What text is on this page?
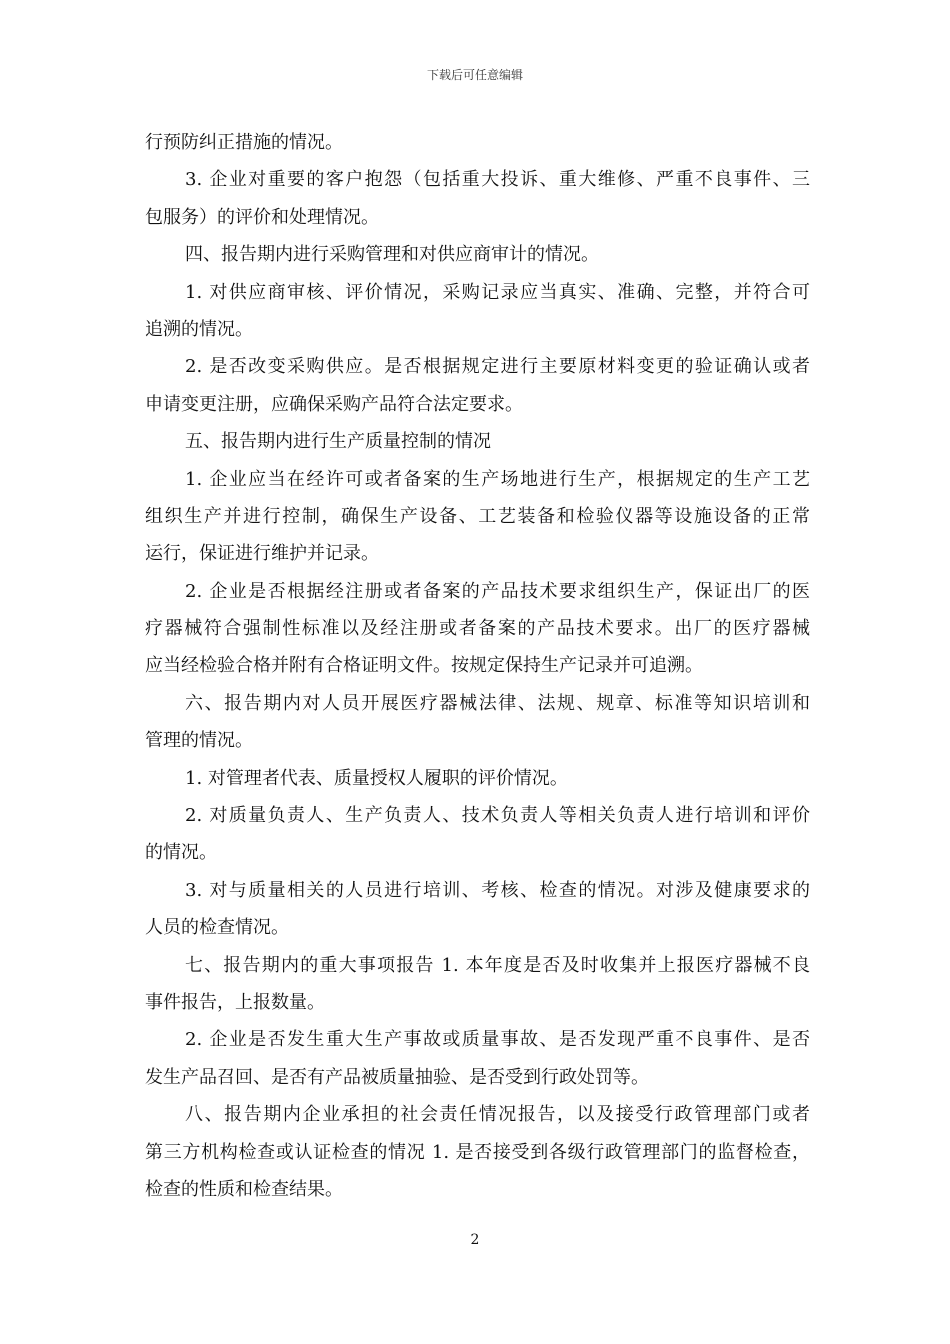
下载后可任意编辑
行预防纠正措施的情况。
3. 企业对重要的客户抱怨（包括重大投诉、重大维修、严重不良事件、三
包服务）的评价和处理情况。
四、报告期内进行采购管理和对供应商审计的情况。
1. 对供应商审核、评价情况，采购记录应当真实、准确、完整，并符合可
追溯的情况。
2. 是否改变采购供应。是否根据规定进行主要原材料变更的验证确认或者
申请变更注册，应确保采购产品符合法定要求。
五、报告期内进行生产质量控制的情况
1. 企业应当在经许可或者备案的生产场地进行生产，根据规定的生产工艺
组织生产并进行控制，确保生产设备、工艺装备和检验仪器等设施设备的正常
运行，保证进行维护并记录。
2. 企业是否根据经注册或者备案的产品技术要求组织生产，保证出厂的医
疗器械符合强制性标准以及经注册或者备案的产品技术要求。出厂的医疗器械
应当经检验合格并附有合格证明文件。按规定保持生产记录并可追溯。
六、报告期内对人员开展医疗器械法律、法规、规章、标准等知识培训和
管理的情况。
1. 对管理者代表、质量授权人履职的评价情况。
2. 对质量负责人、生产负责人、技术负责人等相关负责人进行培训和评价
的情况。
3. 对与质量相关的人员进行培训、考核、检查的情况。对涉及健康要求的
人员的检查情况。
七、报告期内的重大事项报告 1. 本年度是否及时收集并上报医疗器械不良
事件报告，上报数量。
2. 企业是否发生重大生产事故或质量事故、是否发现严重不良事件、是否
发生产品召回、是否有产品被质量抽验、是否受到行政处罚等。
八、报告期内企业承担的社会责任情况报告，以及接受行政管理部门或者
第三方机构检查或认证检查的情况 1. 是否接受到各级行政管理部门的监督检查，
检查的性质和检查结果。
2
